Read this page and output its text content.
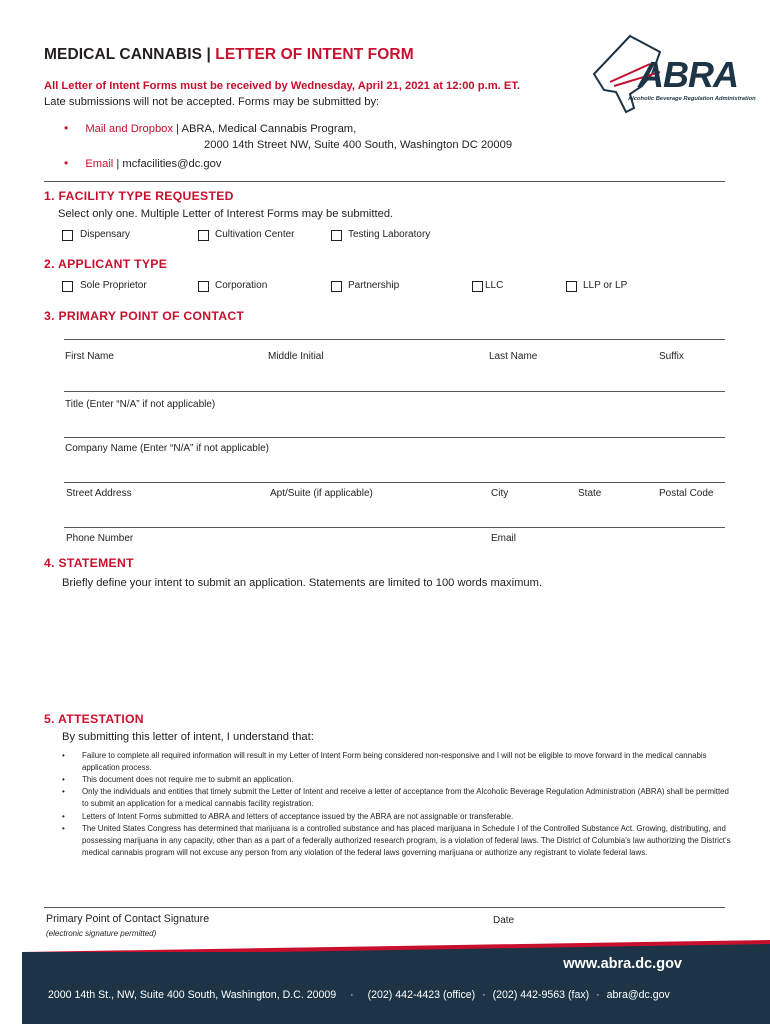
MEDICAL CANNABIS | LETTER OF INTENT FORM
All Letter of Intent Forms must be received by Wednesday, April 21, 2021 at 12:00 p.m. ET.
Late submissions will not be accepted. Forms may be submitted by:
• Mail and Dropbox | ABRA, Medical Cannabis Program,
2000 14th Street NW, Suite 400 South, Washington DC 20009
• Email | mcfacilities@dc.gov
ABRA
Alcoholic Beverage Regulation Administration
1. FACILITY TYPE REQUESTED
Select only one. Multiple Letter of Interest Forms may be submitted.
Dispensary	Cultivation Center	Testing Laboratory
2. APPLICANT TYPE
Sole Proprietor	Corporation	Partnership	LLC	LLP or LP
3. PRIMARY POINT OF CONTACT
First Name	Middle Initial	Last Name	Suffix
Title (Enter “N/A” if not applicable)
Company Name (Enter “N/A” if not applicable)
Street Address	Apt/Suite (if applicable)	City	State	Postal Code
Phone Number	Email
4. STATEMENT
Briefly define your intent to submit an application. Statements are limited to 100 words maximum.
5. ATTESTATION
By submitting this letter of intent, I understand that:
• Failure to complete all required information will result in my Letter of Intent Form being considered non-responsive and I will not be eligible to move forward in the medical cannabis application process.
• This document does not require me to submit an application.
• Only the individuals and entities that timely submit the Letter of Intent and receive a letter of acceptance from the Alcoholic Beverage Regulation Administration (ABRA) shall be permitted to submit an application for a medical cannabis facility registration.
• Letters of Intent Forms submitted to ABRA and letters of acceptance issued by the ABRA are not assignable or transferable.
• The United States Congress has determined that marijuana is a controlled substance and has placed marijuana in Schedule I of the Controlled Substance Act. Growing, distributing, and possessing marijuana in any capacity, other than as a part of a federally authorized research program, is a violation of federal laws. The District of Columbia’s law authorizing the District’s medical cannabis program will not excuse any person from any violation of the federal laws governing marijuana or authorize any registrant to violate federal laws.
Primary Point of Contact Signature
(electronic signature permitted)
Date
www.abra.dc.gov
2000 14th St., NW, Suite 400 South, Washington, D.C. 20009 · (202) 442-4423 (office) · (202) 442-9563 (fax) · abra@dc.gov
